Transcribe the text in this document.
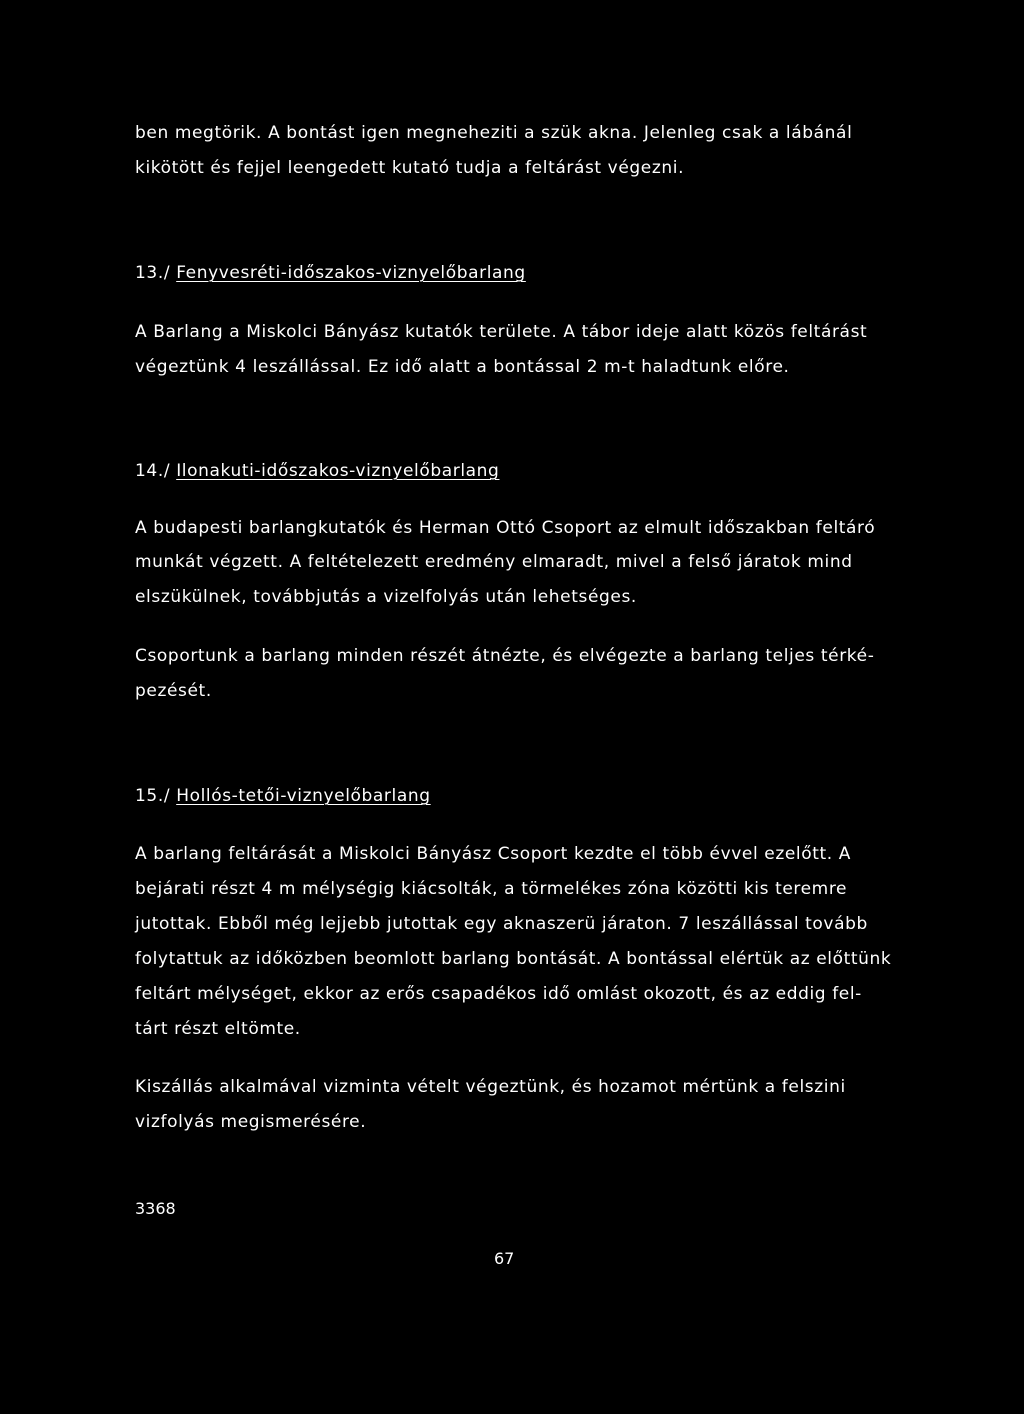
ben megtörik. A bontást igen megneheziti a szük akna. Jelenleg csak a lábánál
kikötött és fejjel leengedett kutató tudja a feltárást végezni.
13./ Fenyvesréti-időszakos-viznyelőbarlang
A Barlang a Miskolci Bányász kutatók területe. A tábor ideje alatt közös feltárást
végeztünk 4 leszállással. Ez idő alatt a bontással 2 m-t haladtunk előre.
14./ Ilonakuti-időszakos-viznyelőbarlang
A budapesti barlangkutatók és Herman Ottó Csoport az elmult időszakban feltáró
munkát végzett. A feltételezett eredmény elmaradt, mivel a felső járatok mind
elszükülnek, továbbjutás a vizelfolyás után lehetséges.
Csoportunk a barlang minden részét átnézte, és elvégezte a barlang teljes térké-
pezését.
15./ Hollós-tetői-viznyelőbarlang
A barlang feltárását a Miskolci Bányász Csoport kezdte el több évvel ezelőtt. A
bejárati részt 4 m mélységig kiácsolták, a törmelékes zóna közötti kis teremre
jutottak. Ebből még lejjebb jutottak egy aknaszerü járaton. 7 leszállással tovább
folytattuk az időközben beomlott barlang bontását. A bontással elértük az előttünk
feltárt mélységet, ekkor az erős csapadékos idő omlást okozott, és az eddig fel-
tárt részt eltömte.
Kiszállás alkalmával vizminta vételt végeztünk, és hozamot mértünk a felszini
vizfolyás megismerésére.
3368
67
